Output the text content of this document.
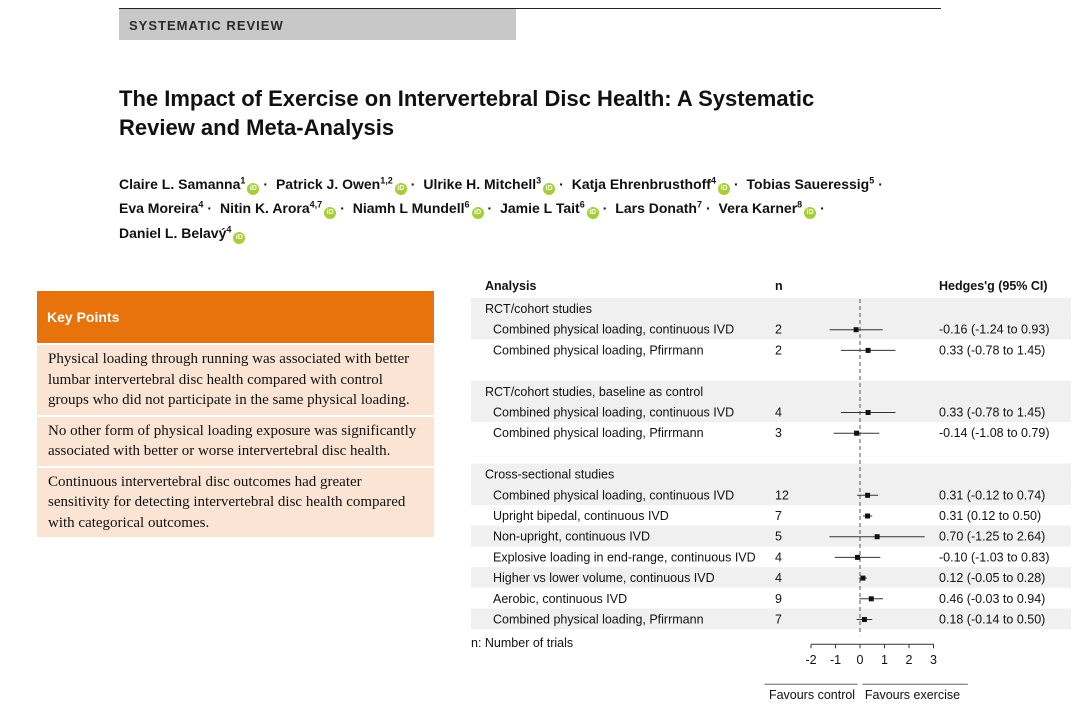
SYSTEMATIC REVIEW
The Impact of Exercise on Intervertebral Disc Health: A Systematic Review and Meta-Analysis
Claire L. Samanna$^1$iD · Patrick J. Owen$^{1,2}$iD · Ulrike H. Mitchell$^3$iD · Katja Ehrenbrusthoff$^4$iD · Tobias Saueressig$^5$ ·
Eva Moreira$^4$ · Nitin K. Arora$^{4,7}$iD · Niamh L Mundell$^6$iD · Jamie L Tait$^6$iD · Lars Donath$^7$ · Vera Karner$^8$iD ·
Daniel L. Belavý$^4$iD
Key Points
Physical loading through running was associated with better lumbar intervertebral disc health compared with control groups who did not participate in the same physical loading.
No other form of physical loading exposure was significantly associated with better or worse intervertebral disc health.
Continuous intervertebral disc outcomes had greater sensitivity for detecting intervertebral disc health compared with categorical outcomes.
Analysis	n	Hedges'g (95% CI)
RCT/cohort studies
Combined physical loading, continuous IVD	2	-0.16 (-1.24 to 0.93)
Combined physical loading, Pfirrmann	2	0.33 (-0.78 to 1.45)
RCT/cohort studies, baseline as control
Combined physical loading, continuous IVD	4	0.33 (-0.78 to 1.45)
Combined physical loading, Pfirrmann	3	-0.14 (-1.08 to 0.79)
Cross-sectional studies
Combined physical loading, continuous IVD	12	0.31 (-0.12 to 0.74)
Upright bipedal, continuous IVD	7	0.31 (0.12 to 0.50)
Non-upright, continuous IVD	5	0.70 (-1.25 to 2.64)
Explosive loading in end-range, continuous IVD 4	-0.10 (-1.03 to 0.83)
Higher vs lower volume, continuous IVD	4	0.12 (-0.05 to 0.28)
Aerobic, continuous IVD	9	0.46 (-0.03 to 0.94)
Combined physical loading, Pfirrmann	7	0.18 (-0.14 to 0.50)
n: Number of trials
-2 -1 0 1 2 3
Favours control Favours exercise
